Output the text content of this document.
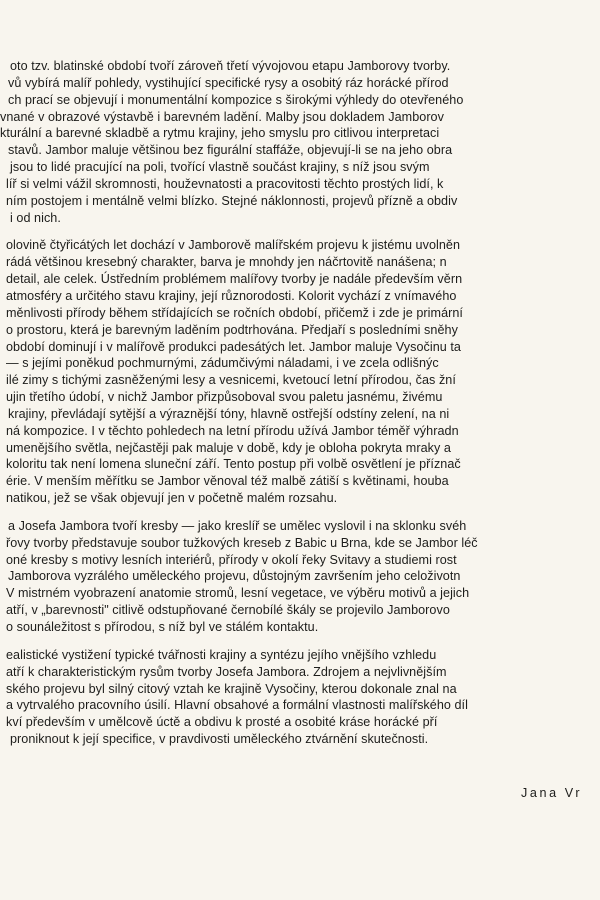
oto tzv. blatinské období tvoří zároveň třetí vývojovou etapu Jamborovy tvorby.
vů vybírá malíř pohledy, vystihující specifické rysy a osobitý ráz horácké přírod
ch prací se objevují i monumentální kompozice s širokými výhledy do otevřeného
vnané v obrazové výstavbě i barevném ladění. Malby jsou dokladem Jamborov
kturální a barevné skladbě a rytmu krajiny, jeho smyslu pro citlivou interpretaci
stavů. Jambor maluje většinou bez figurální staffáže, objevují-li se na jeho obra
jsou to lidé pracující na poli, tvořící vlastně součást krajiny, s níž jsou svým
líř si velmi vážil skromnosti, houževnatosti a pracovitosti těchto prostých lidí, k
ním postojem i mentálně velmi blízko. Stejné náklonnosti, projevů přízně a obdiv
i od nich.
olovině čtyřicátých let dochází v Jamborově malířském projevu k jistému uvolněn
rádá většinou kresebný charakter, barva je mnohdy jen náčrtovitě nanášena; n
detail, ale celek. Ústředním problémem malířovy tvorby je nadále především věrn
atmosféry a určitého stavu krajiny, její různorodosti. Kolorit vychází z vnímavého
měnlivosti přírody během střídajících se ročních období, přičemž i zde je primární
o prostoru, která je barevným laděním podtrhována. Předjaří s posledními sněhy
období dominují i v malířově produkci padesátých let. Jambor maluje Vysočinu ta
— s jejími poněkud pochmurnými, zádumčivými náladami, i ve zcela odlišnýc
ilé zimy s tichými zasněženými lesy a vesnicemi, kvetoucí letní přírodou, čas žní
ujin třetího údobí, v nichž Jambor přizpůsoboval svou paletu jasnému, živému
krajiny, převládají sytější a výraznější tóny, hlavně ostřejší odstíny zelení, na ni
ná kompozice. I v těchto pohledech na letní přírodu užívá Jambor téměř výhradn
umenějšího světla, nejčastěji pak maluje v době, kdy je obloha pokryta mraky a
koloritu tak není lomena sluneční září. Tento postup při volbě osvětlení je příznač
érie. V menším měřítku se Jambor věnoval též malbě zátiší s květinami, houba
natikou, jež se však objevují jen v početně malém rozsahu.
a Josefa Jambora tvoří kresby — jako kreslíř se umělec vyslovil i na sklonku svéh
řovy tvorby představuje soubor tužkových kreseb z Babic u Brna, kde se Jambor léč
oné kresby s motivy lesních interiérů, přírody v okolí řeky Svitavy a studiemi rost
Jamborova vyzrálého uměleckého projevu, důstojným završením jeho celoživotn
V mistrném vyobrazení anatomie stromů, lesní vegetace, ve výběru motivů a jejich
atří, v „barevnosti" citlivě odstupňované černobílé škály se projevilo Jamborovo
o sounáležitost s přírodou, s níž byl ve stálém kontaktu.
ealistické vystižení typické tvářnosti krajiny a syntézu jejího vnějšího vzhledu
atří k charakteristickým rysům tvorby Josefa Jambora. Zdrojem a nejvlivnějším
ského projevu byl silný citový vztah ke krajině Vysočiny, kterou dokonale znal na
a vytrvalého pracovního úsilí. Hlavní obsahové a formální vlastnosti malířského díl
kví především v umělcově úctě a obdivu k prosté a osobité kráse horácké pří
proniknout k její specifice, v pravdivosti uměleckého ztvárnění skutečnosti.
Jana Vr
